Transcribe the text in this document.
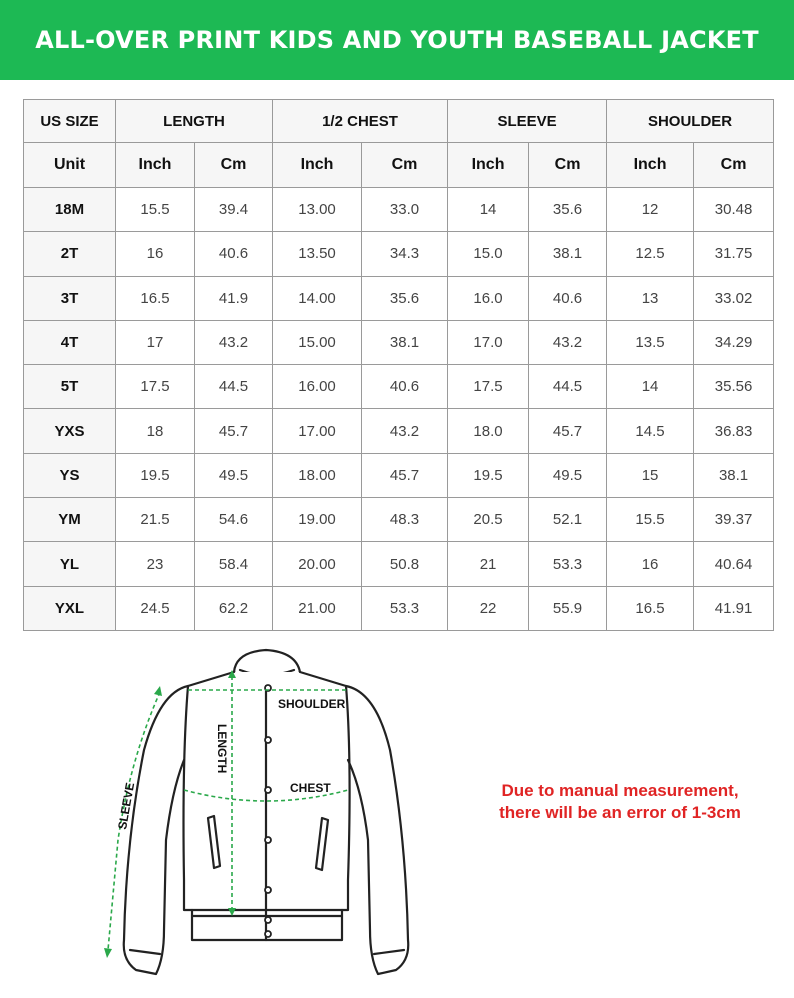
ALL-OVER PRINT KIDS AND YOUTH BASEBALL JACKET
US SIZE	LENGTH		1/2 CHEST		SLEEVE		SHOULDER	
Unit	Inch	Cm	Inch	Cm	Inch	Cm	Inch	Cm
18M	15.5	39.4	13.00	33.0	14	35.6	12	30.48
2T	16	40.6	13.50	34.3	15.0	38.1	12.5	31.75
3T	16.5	41.9	14.00	35.6	16.0	40.6	13	33.02
4T	17	43.2	15.00	38.1	17.0	43.2	13.5	34.29
5T	17.5	44.5	16.00	40.6	17.5	44.5	14	35.56
YXS	18	45.7	17.00	43.2	18.0	45.7	14.5	36.83
YS	19.5	49.5	18.00	45.7	19.5	49.5	15	38.1
YM	21.5	54.6	19.00	48.3	20.5	52.1	15.5	39.37
YL	23	58.4	20.00	50.8	21	53.3	16	40.64
YXL	24.5	62.2	21.00	53.3	22	55.9	16.5	41.91
SHOULDER
CHEST
LENGTH
SLEEVE	Due to manual measurement,
there will be an error of 1-3cm
